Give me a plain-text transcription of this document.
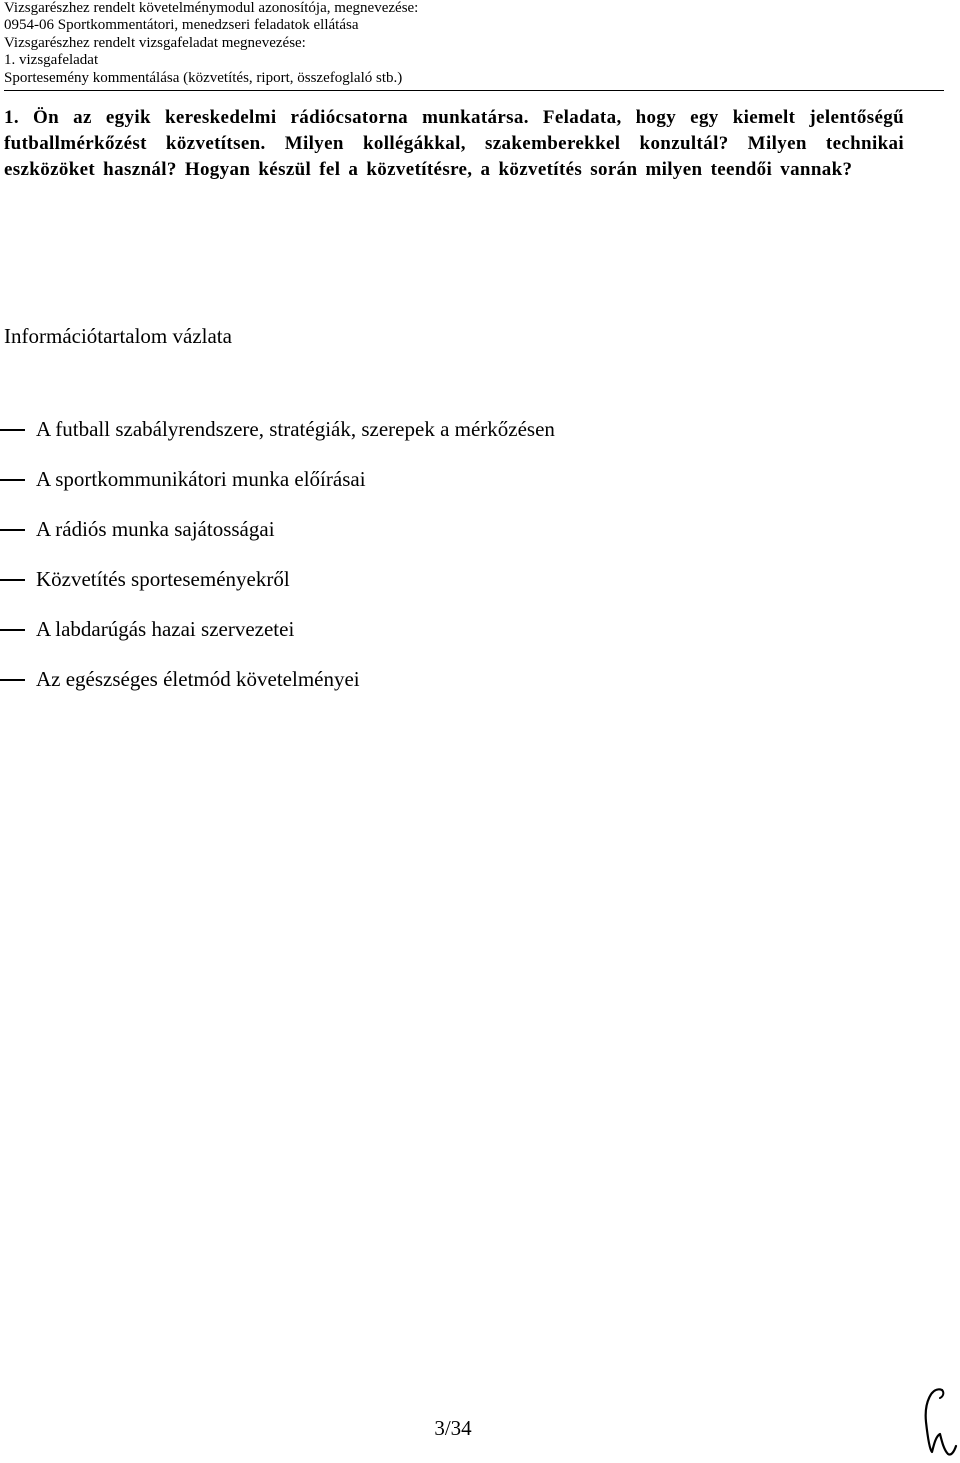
Vizsgarészhez rendelt követelménymodul azonosítója, megnevezése:
0954-06 Sportkommentátori, menedzseri feladatok ellátása
Vizsgarészhez rendelt vizsgafeladat megnevezése:
1. vizsgafeladat
Sportesemény kommentálása (közvetítés, riport, összefoglaló stb.)
1. Ön az egyik kereskedelmi rádiócsatorna munkatársa. Feladata, hogy egy kiemelt jelentőségű futballmérkőzést közvetítsen. Milyen kollégákkal, szakemberekkel konzultál? Milyen technikai eszközöket használ? Hogyan készül fel a közvetítésre, a közvetítés során milyen teendői vannak?
Információtartalom vázlata
A futball szabályrendszere, stratégiák, szerepek a mérkőzésen
A sportkommunikátori munka előírásai
A rádiós munka sajátosságai
Közvetítés sporteseményekről
A labdarúgás hazai szervezetei
Az egészséges életmód követelményei
3/34
